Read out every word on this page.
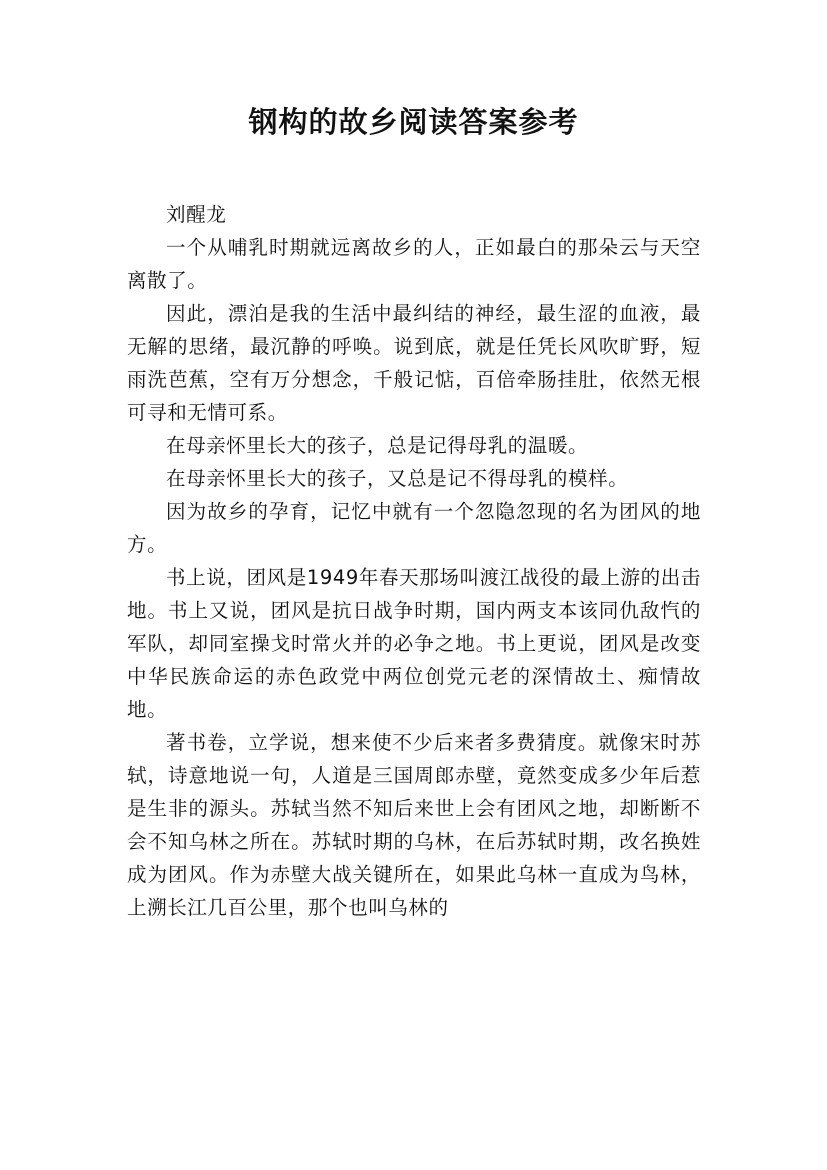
钢构的故乡阅读答案参考

刘醒龙

一个从哺乳时期就远离故乡的人，正如最白的那朵云与天空离散了。

因此，漂泊是我的生活中最纠结的神经，最生涩的血液，最无解的思绪，最沉静的呼唤。说到底，就是任凭长风吹旷野，短雨洗芭蕉，空有万分想念，千般记惦，百倍牵肠挂肚，依然无根可寻和无情可系。

在母亲怀里长大的孩子，总是记得母乳的温暖。

在母亲怀里长大的孩子，又总是记不得母乳的模样。

因为故乡的孕育，记忆中就有一个忽隐忽现的名为团风的地方。

书上说，团风是1949年春天那场叫渡江战役的最上游的出击地。书上又说，团风是抗日战争时期，国内两支本该同仇敌忾的军队，却同室操戈时常火并的必争之地。书上更说，团风是改变中华民族命运的赤色政党中两位创党元老的深情故土、痴情故地。

著书卷，立学说，想来使不少后来者多费猜度。就像宋时苏轼，诗意地说一句，人道是三国周郎赤壁，竟然变成多少年后惹是生非的源头。苏轼当然不知后来世上会有团风之地，却断断不会不知乌林之所在。苏轼时期的乌林，在后苏轼时期，改名换姓成为团风。作为赤壁大战关键所在，如果此乌林一直成为鸟林，上溯长江几百公里，那个也叫乌林的
